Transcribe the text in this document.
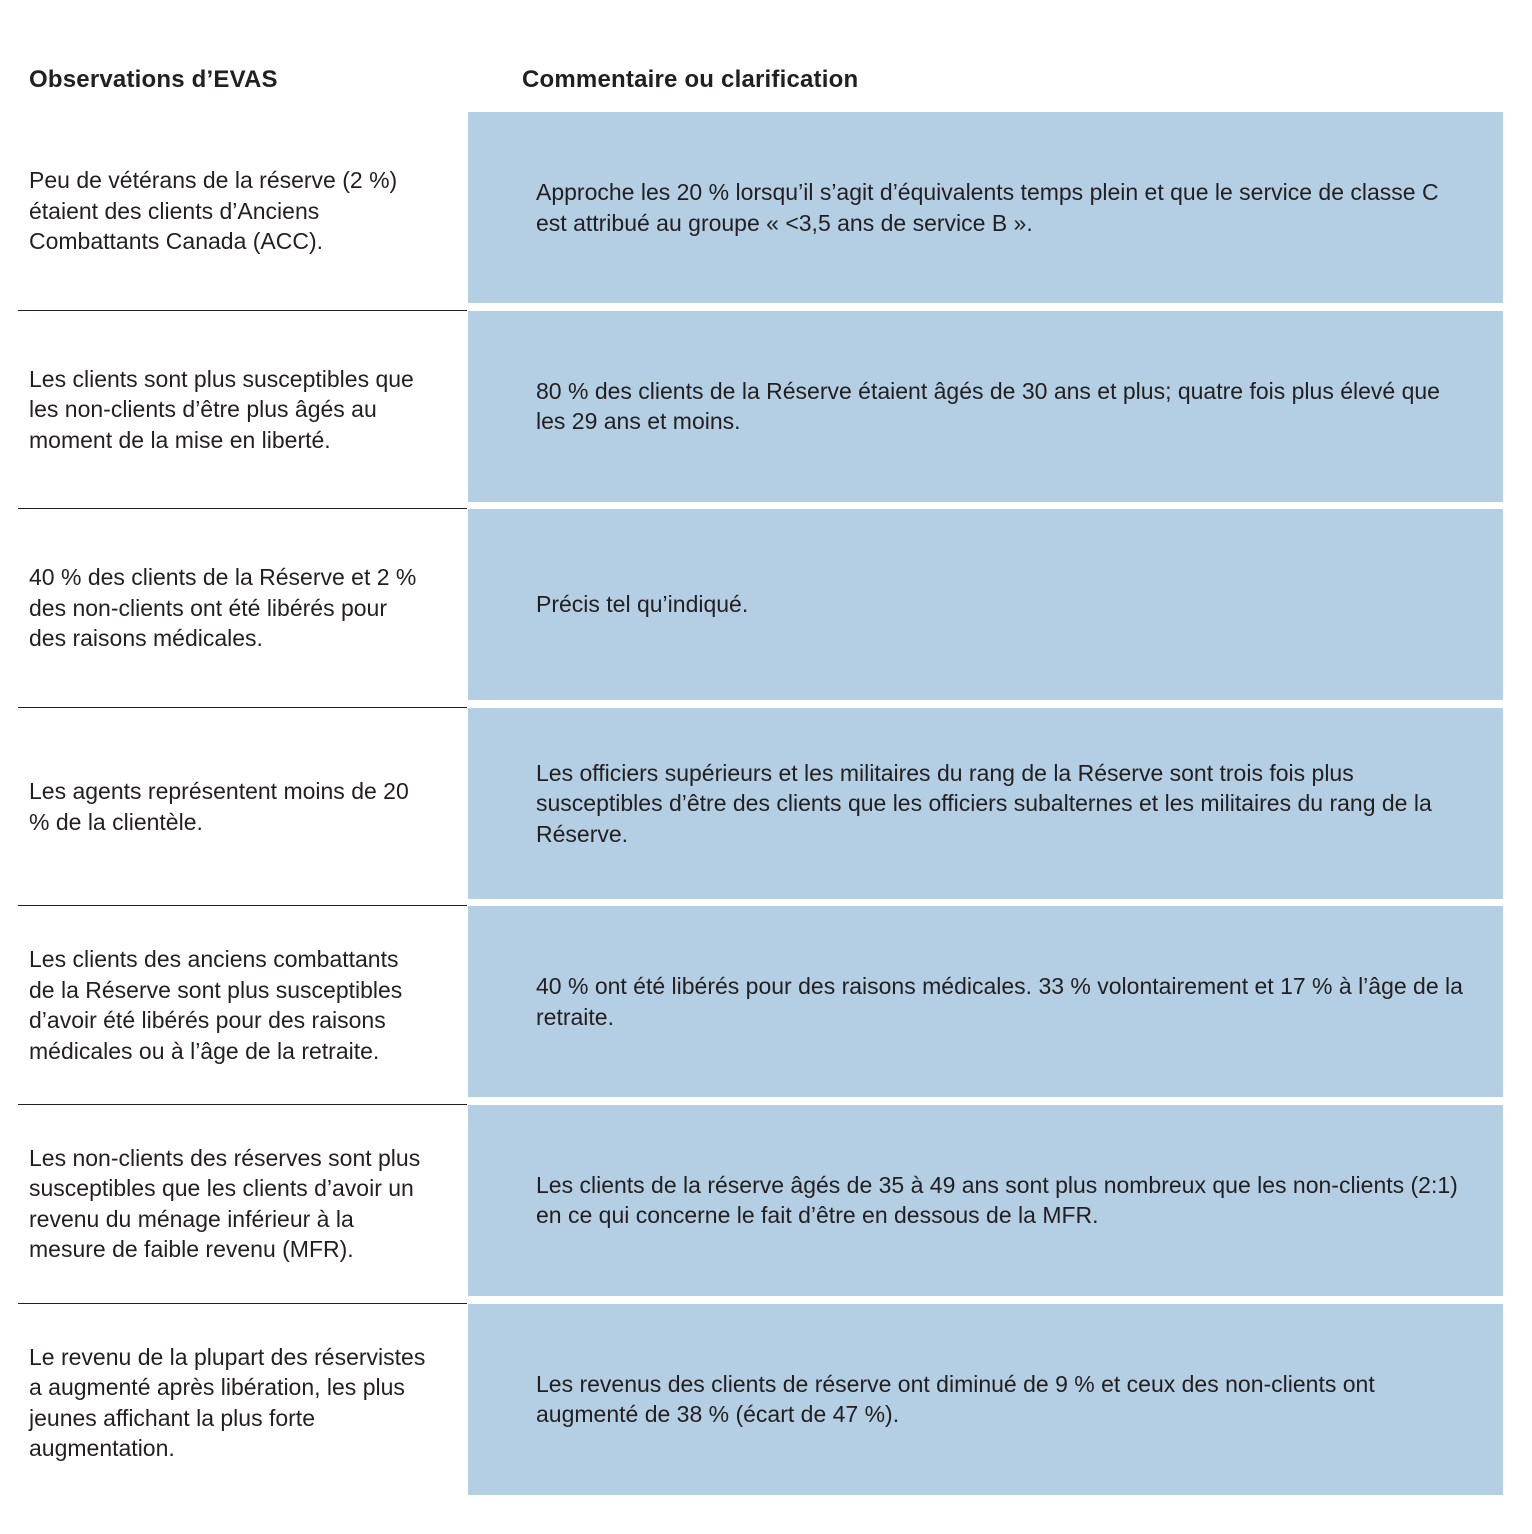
Observations d’EVAS	Commentaire ou clarification
Peu de vétérans de la réserve (2 %) étaient des clients d’Anciens Combattants Canada (ACC).
Approche les 20 % lorsqu’il s’agit d’équivalents temps plein et que le service de classe C est attribué au groupe « <3,5 ans de service B ».
Les clients sont plus susceptibles que les non-clients d’être plus âgés au moment de la mise en liberté.
80 % des clients de la Réserve étaient âgés de 30 ans et plus; quatre fois plus élevé que les 29 ans et moins.
40 % des clients de la Réserve et 2 % des non-clients ont été libérés pour des raisons médicales.
Précis tel qu’indiqué.
Les agents représentent moins de 20 % de la clientèle.
Les officiers supérieurs et les militaires du rang de la Réserve sont trois fois plus susceptibles d’être des clients que les officiers subalternes et les militaires du rang de la Réserve.
Les clients des anciens combattants de la Réserve sont plus susceptibles d’avoir été libérés pour des raisons médicales ou à l’âge de la retraite.
40 % ont été libérés pour des raisons médicales. 33 % volontairement et 17 % à l’âge de la retraite.
Les non-clients des réserves sont plus susceptibles que les clients d’avoir un revenu du ménage inférieur à la mesure de faible revenu (MFR).
Les clients de la réserve âgés de 35 à 49 ans sont plus nombreux que les non-clients (2:1) en ce qui concerne le fait d’être en dessous de la MFR.
Le revenu de la plupart des réservistes a augmenté après libération, les plus jeunes affichant la plus forte augmentation.
Les revenus des clients de réserve ont diminué de 9 % et ceux des non-clients ont augmenté de 38 % (écart de 47 %).
